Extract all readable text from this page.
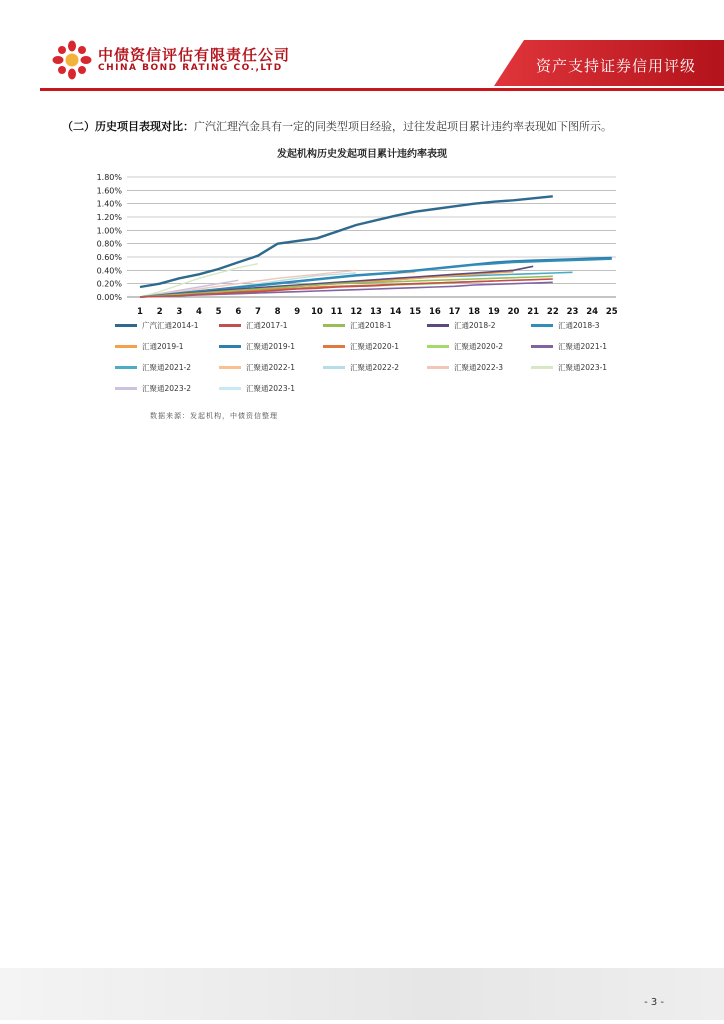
中债资信评估有限责任公司
CHINA BOND RATING CO.,LTD	资产支持证券信用评级
（二）历史项目表现对比：广汽汇理汽金具有一定的同类型项目经验，过往发起项目累计违约率表现如下图所示。
发起机构历史发起项目累计违约率表现
0.00%
0.20%
0.40%
0.60%
0.80%
1.00%
1.20%
1.40%
1.60%
1.80%
1 2 3 4 5 6 7 8 9 10 11 12 13 14 15 16 17 18 19 20 21 22 23 24 25
广汽汇通2014-1	汇通2017-1	汇通2018-1	汇通2018-2	汇通2018-3
汇通2019-1	汇聚通2019-1	汇聚通2020-1	汇聚通2020-2	汇聚通2021-1
汇聚通2021-2	汇聚通2022-1	汇聚通2022-2	汇聚通2022-3	汇聚通2023-1
汇聚通2023-2	汇聚通2023-1
数据来源：发起机构，中债资信整理
- 3 -
